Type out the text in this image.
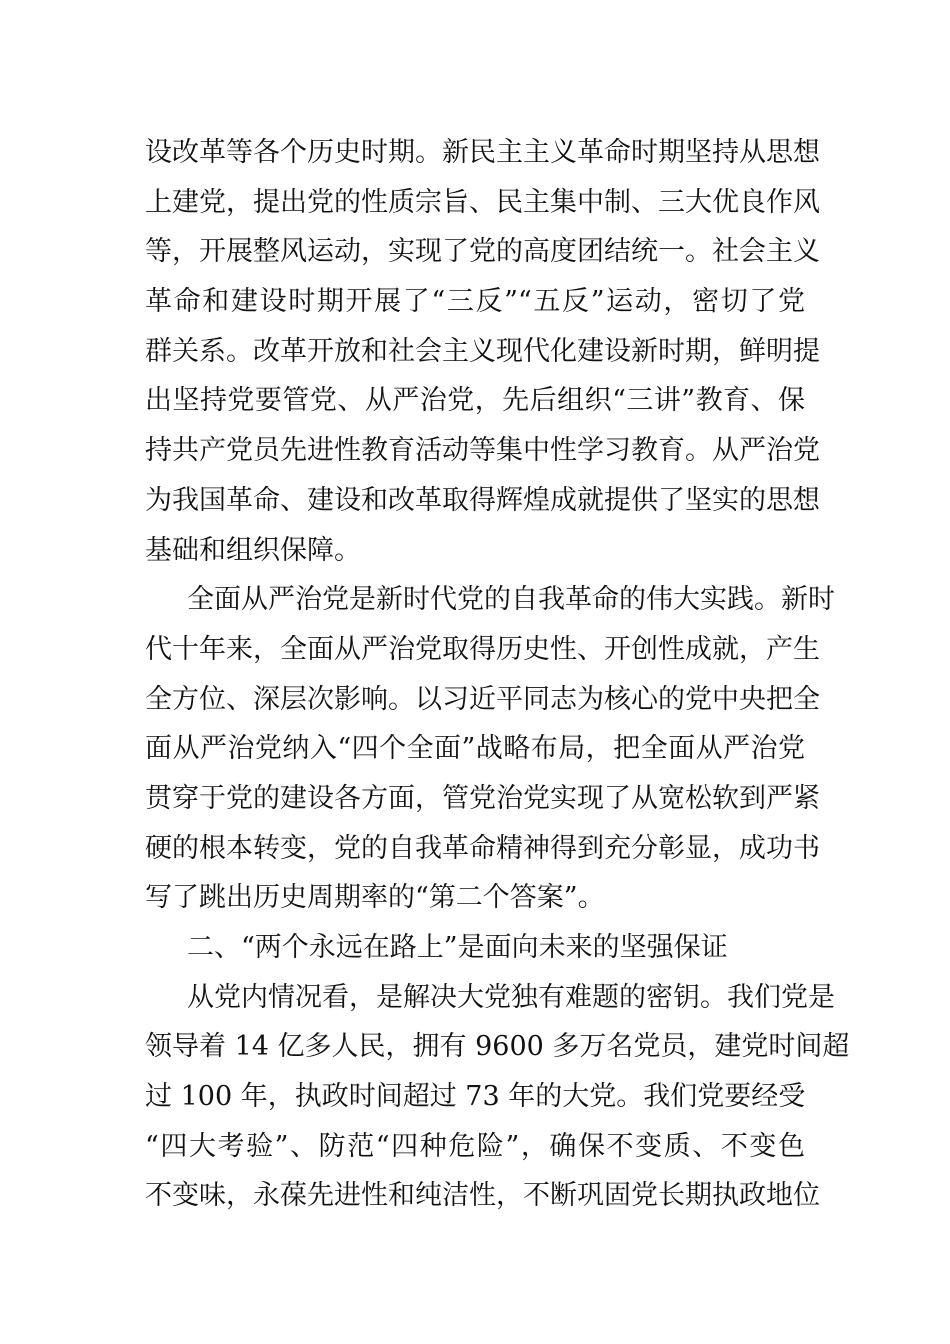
设改革等各个历史时期。新民主主义革命时期坚持从思想
上建党，提出党的性质宗旨、民主集中制、三大优良作风
等，开展整风运动，实现了党的高度团结统一。社会主义
革命和建设时期开展了“三反”“五反”运动，密切了党
群关系。改革开放和社会主义现代化建设新时期，鲜明提
出坚持党要管党、从严治党，先后组织“三讲”教育、保
持共产党员先进性教育活动等集中性学习教育。从严治党
为我国革命、建设和改革取得辉煌成就提供了坚实的思想
基础和组织保障。
全面从严治党是新时代党的自我革命的伟大实践。新时
代十年来，全面从严治党取得历史性、开创性成就，产生
全方位、深层次影响。以习近平同志为核心的党中央把全
面从严治党纳入“四个全面”战略布局，把全面从严治党
贯穿于党的建设各方面，管党治党实现了从宽松软到严紧
硬的根本转变，党的自我革命精神得到充分彰显，成功书
写了跳出历史周期率的“第二个答案”。
二、“两个永远在路上”是面向未来的坚强保证
从党内情况看，是解决大党独有难题的密钥。我们党是
领导着 14 亿多人民，拥有 9600 多万名党员，建党时间超
过 100 年，执政时间超过 73 年的大党。我们党要经受
“四大考验”、防范“四种危险”，确保不变质、不变色
不变味，永葆先进性和纯洁性，不断巩固党长期执政地位
